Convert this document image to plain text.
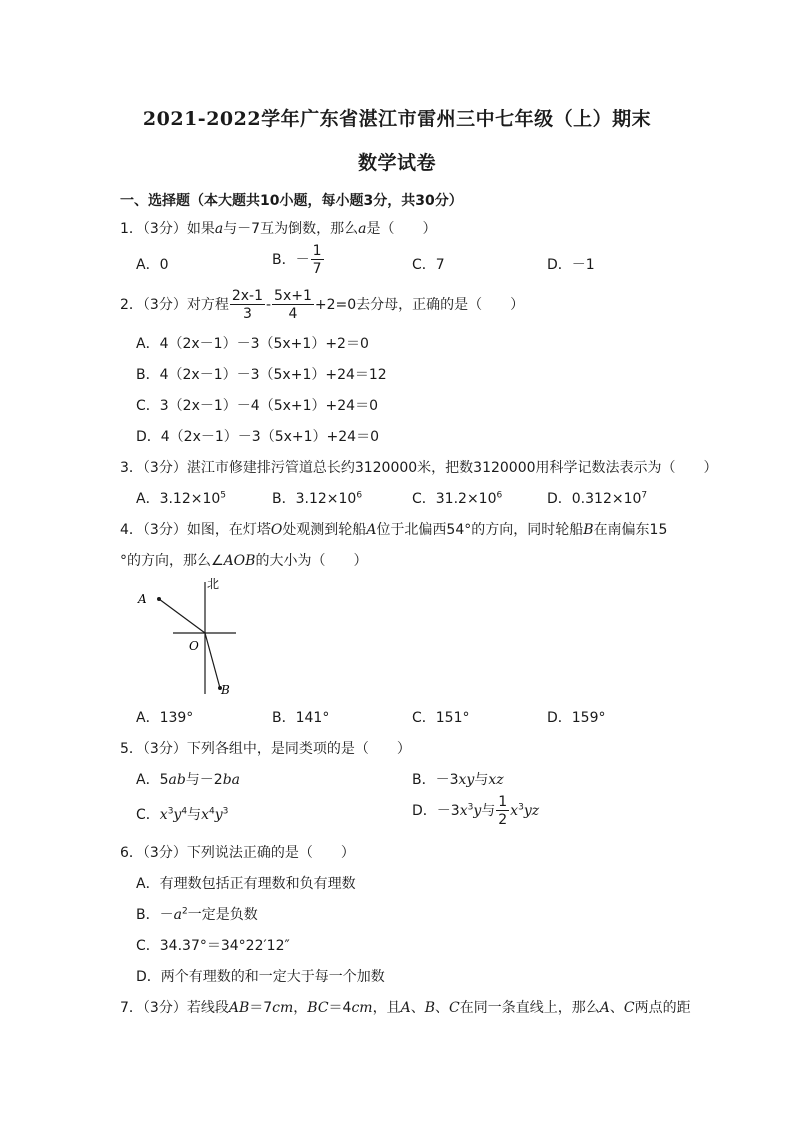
2021-2022学年广东省湛江市雷州三中七年级（上）期末
数学试卷
一、选择题（本大题共10小题，每小题3分，共30分）
1．（3分）如果a与－7互为倒数，那么a是（　　）
A．0	B．－ $\frac{1}{7}$	C．7	D．－1
2．（3分）对方程 $\frac{2x-1}{3} - \frac{5x+1}{4} +2=0$去分母，正确的是（　　）
A．4（2x－1）－3（5x+1）+2＝0
B．4（2x－1）－3（5x+1）+24＝12
C．3（2x－1）－4（5x+1）+24＝0
D．4（2x－1）－3（5x+1）+24＝0
3．（3分）湛江市修建排污管道总长约3120000米，把数3120000用科学记数法表示为（　　）
A．$3.12\times 10^5$	B．$3.12\times 10^6$	C．$31.2\times 10^6$	D．$0.312\times 10^7$
4．（3分）如图，在灯塔O处观测到轮船A位于北偏西54°的方向，同时轮船B在南偏东15
°的方向，那么∠AOB的大小为（　　）
北
A
O
B
A．139°	B．141°	C．151°	D．159°
5．（3分）下列各组中，是同类项的是（　　）
A．5ab与－2ba	B．－3xy与xz
C．$x^3y^4$与$x^4y^3$	D．$-3x^3y$与 $\frac{1}{2} x^3yz$
6．（3分）下列说法正确的是（　　）
A．有理数包括正有理数和负有理数
B．$-a^2$一定是负数
C．34.37°＝34°22′12″
D．两个有理数的和一定大于每一个加数
7．（3分）若线段AB＝7cm，BC＝4cm，且A、B、C在同一条直线上，那么A、C两点的距
